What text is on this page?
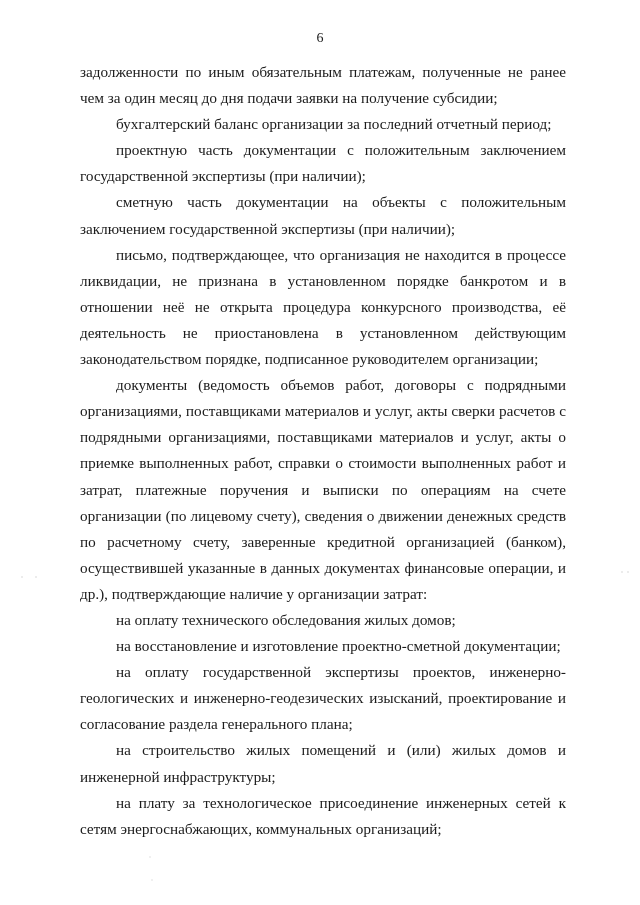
6

задолженности по иным обязательным платежам, полученные не ранее чем за один месяц до дня подачи заявки на получение субсидии;

бухгалтерский баланс организации за последний отчетный период;

проектную часть документации с положительным заключением государственной экспертизы (при наличии);

сметную часть документации на объекты с положительным заключением государственной экспертизы (при наличии);

письмо, подтверждающее, что организация не находится в процессе ликвидации, не признана в установленном порядке банкротом и в отношении неё не открыта процедура конкурсного производства, её деятельность не приостановлена в установленном действующим законодательством порядке, подписанное руководителем организации;

документы (ведомость объемов работ, договоры с подрядными организациями, поставщиками материалов и услуг, акты сверки расчетов с подрядными организациями, поставщиками материалов и услуг, акты о приемке выполненных работ, справки о стоимости выполненных работ и затрат, платежные поручения и выписки по операциям на счете организации (по лицевому счету), сведения о движении денежных средств по расчетному счету, заверенные кредитной организацией (банком), осуществившей указанные в данных документах финансовые операции, и др.), подтверждающие наличие у организации затрат:

на оплату технического обследования жилых домов;

на восстановление и изготовление проектно-сметной документации;

на оплату государственной экспертизы проектов, инженерно-геологических и инженерно-геодезических изысканий, проектирование и согласование раздела генерального плана;

на строительство жилых помещений и (или) жилых домов и инженерной инфраструктуры;

на плату за технологическое присоединение инженерных сетей к сетям энергоснабжающих, коммунальных организаций;
